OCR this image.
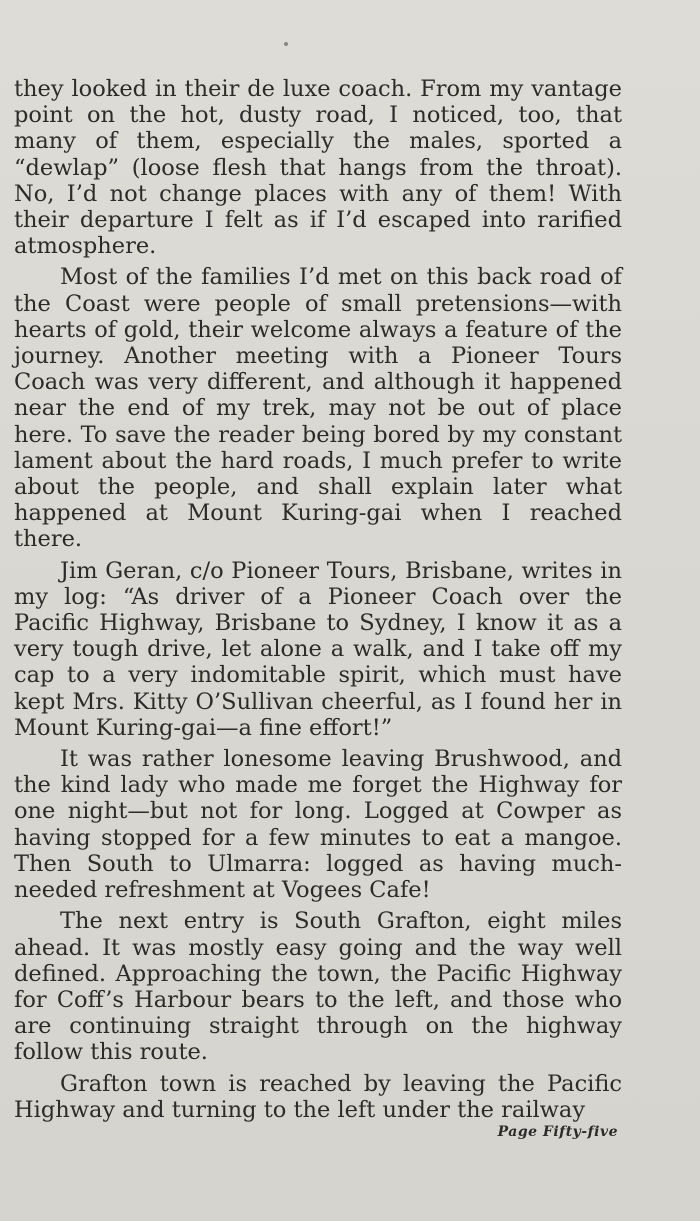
they looked in their de luxe coach. From my vantage point on the hot, dusty road, I noticed, too, that many of them, especially the males, sported a “dewlap” (loose flesh that hangs from the throat). No, I’d not change places with any of them! With their departure I felt as if I’d escaped into rarified atmosphere.

Most of the families I’d met on this back road of the Coast were people of small pretensions—with hearts of gold, their welcome always a feature of the journey. Another meeting with a Pioneer Tours Coach was very different, and although it happened near the end of my trek, may not be out of place here. To save the reader being bored by my constant lament about the hard roads, I much prefer to write about the people, and shall explain later what happened at Mount Kuring-gai when I reached there.

Jim Geran, c/o Pioneer Tours, Brisbane, writes in my log: “As driver of a Pioneer Coach over the Pacific Highway, Brisbane to Sydney, I know it as a very tough drive, let alone a walk, and I take off my cap to a very indomitable spirit, which must have kept Mrs. Kitty O’Sullivan cheerful, as I found her in Mount Kuring-gai—a fine effort!”

It was rather lonesome leaving Brushwood, and the kind lady who made me forget the Highway for one night—but not for long. Logged at Cowper as having stopped for a few minutes to eat a mangoe. Then South to Ulmarra: logged as having much-needed refreshment at Vogees Cafe!

The next entry is South Grafton, eight miles ahead. It was mostly easy going and the way well defined. Approaching the town, the Pacific Highway for Coff’s Harbour bears to the left, and those who are continuing straight through on the highway follow this route.

Grafton town is reached by leaving the Pacific Highway and turning to the left under the railway

Page Fifty-five
